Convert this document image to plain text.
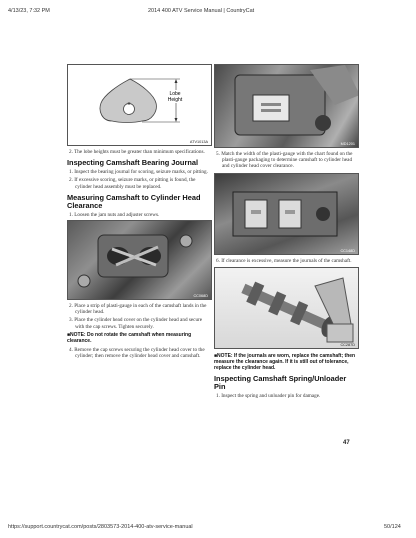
4/13/23, 7:32 PM	2014 400 ATV Service Manual | CountryCat
Lobe
Height
ATV1013A

2. The lobe heights must be greater than minimum specifications.

Inspecting Camshaft Bearing Journal

1. Inspect the bearing journal for scoring, seizure marks, or pitting.

2. If excessive scoring, seizure marks, or pitting is found, the cylinder head assembly must be replaced.

Measuring Camshaft to Cylinder Head Clearance

1. Loosen the jam nuts and adjuster screws.

CC068D

2. Place a strip of plasti-gauge in each of the camshaft lands in the cylinder head.

3. Place the cylinder head cover on the cylinder head and secure with the cap screws. Tighten securely.

■NOTE: Do not rotate the camshaft when measuring clearance.

4. Remove the cap screws securing the cylinder head cover to the cylinder; then remove the cylinder head cover and camshaft.

MD1201

5. Match the width of the plasti-gauge with the chart found on the plasti-gauge packaging to determine camshaft to cylinder head and cylinder head cover clearance.

CC148D

6. If clearance is excessive, measure the journals of the camshaft.

CC287D
■NOTE: If the journals are worn, replace the camshaft; then measure the clearance again. If it is still out of tolerance, replace the cylinder head.
Inspecting Camshaft Spring/Unloader Pin

1. Inspect the spring and unloader pin for damage.

47
https://support.countrycat.com/posts/2803573-2014-400-atv-service-manual	50/124
